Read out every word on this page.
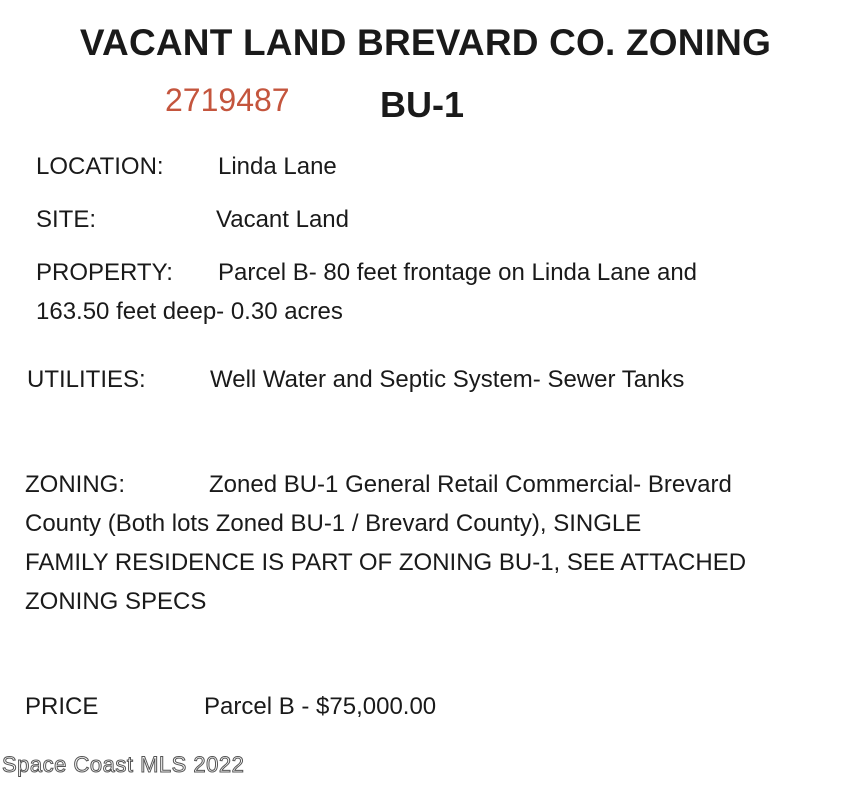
VACANT LAND BREVARD CO. ZONING
2719487	BU-1
LOCATION: Linda Lane
SITE:	Vacant Land
PROPERTY: Parcel B- 80 feet frontage on Linda Lane and
163.50 feet deep- 0.30 acres
UTILITIES:	Well Water and Septic System- Sewer Tanks
ZONING:	Zoned BU-1 General Retail Commercial- Brevard
County (Both lots Zoned BU-1 / Brevard County), SINGLE
FAMILY RESIDENCE IS PART OF ZONING BU-1, SEE ATTACHED
ZONING SPECS
PRICE	Parcel B - $75,000.00
Space Coast MLS 2022
